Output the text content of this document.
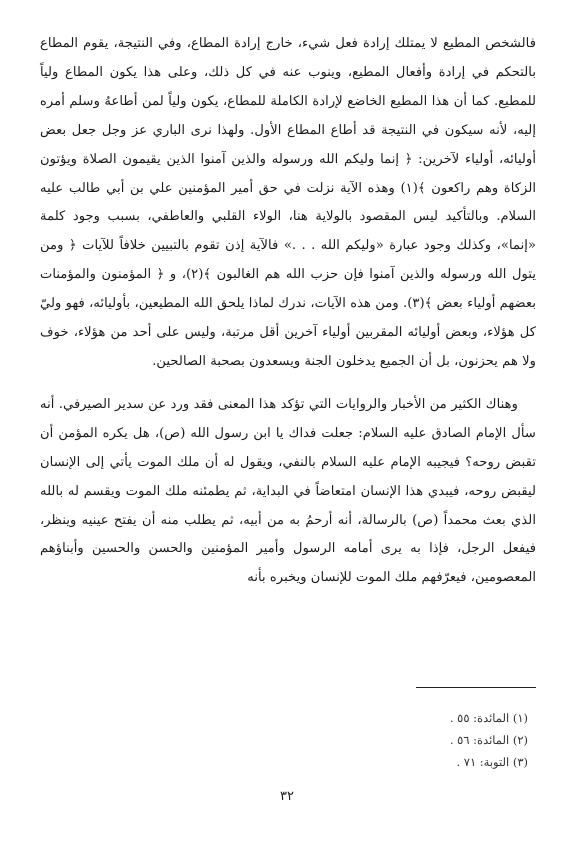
فالشخص المطيع لا يمتلك إرادة فعل شيء، خارج إرادة المطاع، وفي النتيجة، يقوم المطاع بالتحكم في إرادة وأفعال المطيع، وينوب عنه في كل ذلك، وعلى هذا يكون المطاع ولياً للمطيع. كما أن هذا المطيع الخاضع لإرادة الكاملة للمطاع، يكون ولياً لمن أطاعهُ وسلم أمره إليه، لأنه سيكون في النتيجة قد أطاع المطاع الأول. ولهذا نرى الباري عز وجل جعل بعض أوليائه، أولياء لآخرين: ﴿ إنما وليكم الله ورسوله والذين آمنوا الذين يقيمون الصلاة ويؤتون الزكاة وهم راكعون ﴾(١) وهذه الآية نزلت في حق أمير المؤمنين علي بن أبي طالب عليه السلام. وبالتأكيد ليس المقصود بالولاية هنا، الولاء القلبي والعاطفي، بسبب وجود كلمة «إنما»، وكذلك وجود عبارة «وليكم الله . . .» فالآية إذن تقوم بالتبيين خلافاً للآيات ﴿ ومن يتول الله ورسوله والذين آمنوا فإن حزب الله هم الغالبون ﴾(٢)، و ﴿ المؤمنون والمؤمنات بعضهم أولياء بعض ﴾(٣). ومن هذه الآيات، ندرك لماذا يلحق الله المطيعين، بأوليائه، فهو وليّ كل هؤلاء، وبعض أوليائه المقربين أولياء آخرين أقل مرتبة، وليس على أحد من هؤلاء، خوف ولا هم يحزنون، بل أن الجميع يدخلون الجنة ويسعدون بصحبة الصالحين.

وهناك الكثير من الأخبار والروايات التي تؤكد هذا المعنى فقد ورد عن سدير الصيرفي. أنه سأل الإمام الصادق عليه السلام: جعلت فداك يا ابن رسول الله (ص)، هل يكره المؤمن أن تقبض روحه؟ فيجيبه الإمام عليه السلام بالنفي، ويقول له أن ملك الموت يأتي إلى الإنسان ليقبض روحه، فيبدي هذا الإنسان امتعاضاً في البداية، ثم يطمئنه ملك الموت ويقسم له بالله الذي بعث محمداً (ص) بالرسالة، أنه أرحمُ به من أبيه، ثم يطلب منه أن يفتح عينيه وينظر، فيفعل الرجل، فإذا به يرى أمامه الرسول وأمير المؤمنين والحسن والحسين وأبناؤهم المعصومين، فيعرّفهم ملك الموت للإنسان ويخبره بأنه

(١) المائدة: ٥٥ .
(٢) المائدة: ٥٦ .
(٣) التوبة: ٧١ .
٣٢
